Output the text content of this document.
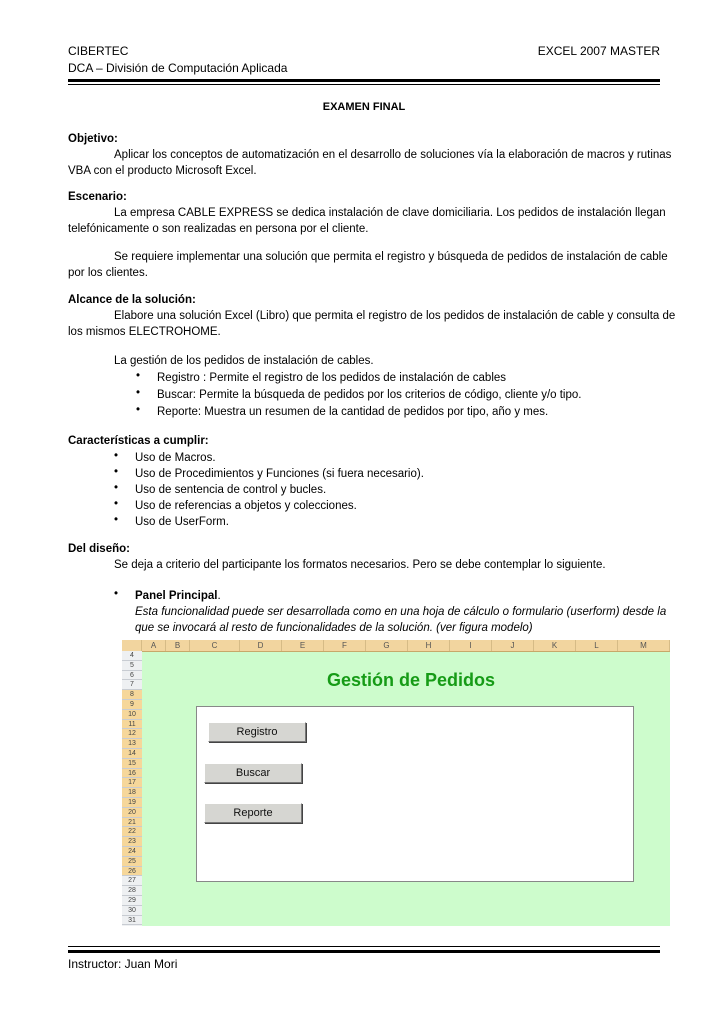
CIBERTEC	EXCEL 2007 MASTER
DCA – División de Computación Aplicada
EXAMEN FINAL
Objetivo:
Aplicar los conceptos de automatización en el desarrollo de soluciones vía la elaboración de macros y rutinas
VBA con el producto Microsoft Excel.
Escenario:
La empresa CABLE EXPRESS se dedica instalación de clave domiciliaria. Los pedidos de instalación llegan
telefónicamente o son realizadas en persona por el cliente.
Se requiere implementar una solución que permita el registro y búsqueda de pedidos de instalación de cable
por los clientes.
Alcance de la solución:
Elabore una solución Excel (Libro) que permita el registro de los pedidos de instalación de cable y consulta de
los mismos ELECTROHOME.
La gestión de los pedidos de instalación de cables.
• Registro : Permite el registro de los pedidos de instalación de cables
• Buscar: Permite la búsqueda de pedidos por los criterios de código, cliente y/o tipo.
• Reporte: Muestra un resumen de la cantidad de pedidos por tipo, año y mes.
Características a cumplir:
• Uso de Macros.
• Uso de Procedimientos y Funciones (si fuera necesario).
• Uso de sentencia de control y bucles.
• Uso de referencias a objetos y colecciones.
• Uso de UserForm.
Del diseño:
Se deja a criterio del participante los formatos necesarios. Pero se debe contemplar lo siguiente.
• Panel Principal.
Esta funcionalidad puede ser desarrollada como en una hoja de cálculo o formulario (userform) desde la
que se invocará al resto de funcionalidades de la solución. (ver figura modelo)
A	B	C	D	E	F	G	H	I	J	K	L	M
4
5
6
7
8
9
10
11
12
13
14
15
16
17
18
19
20
21
22
23
24
25
26
27
28
29
30
31
Gestión de Pedidos
Registro
Buscar
Reporte
Instructor: Juan Mori
